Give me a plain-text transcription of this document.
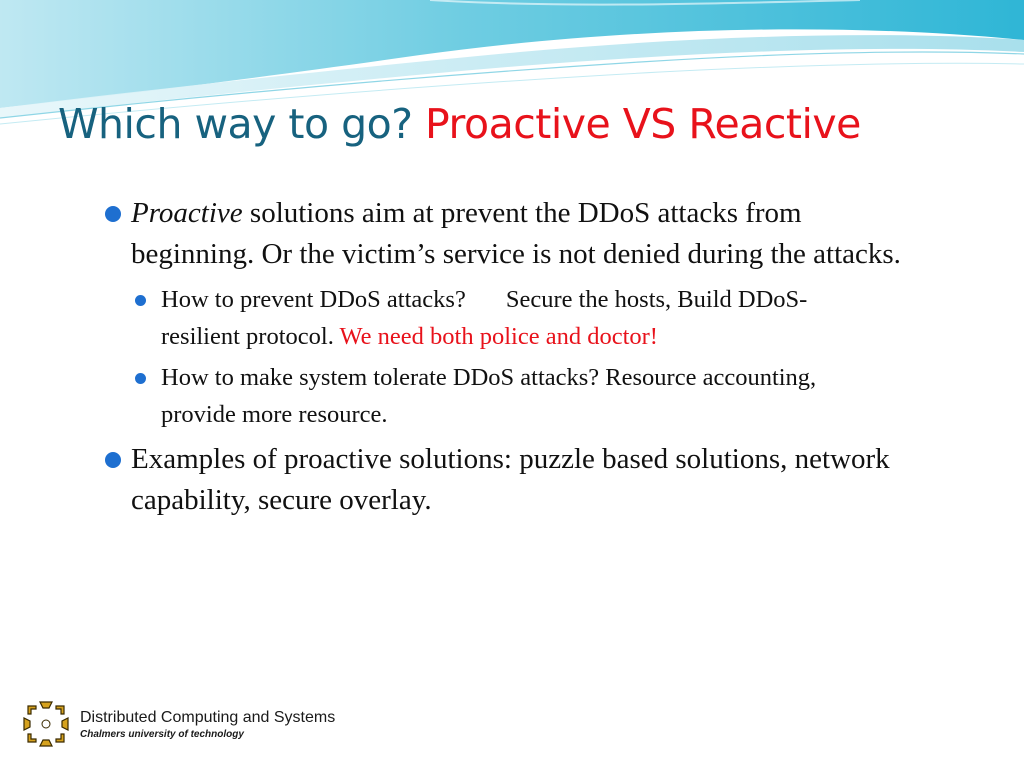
Which way to go? Proactive VS Reactive

Proactive solutions aim at prevent the DDoS attacks from beginning. Or the victim’s service is not denied during the attacks.

How to prevent DDoS attacks? Secure the hosts, Build DDoS-resilient protocol. We need both police and doctor!

How to make system tolerate DDoS attacks? Resource accounting, provide more resource.

Examples of proactive solutions: puzzle based solutions, network capability, secure overlay.

Distributed Computing and Systems
Chalmers university of technology
